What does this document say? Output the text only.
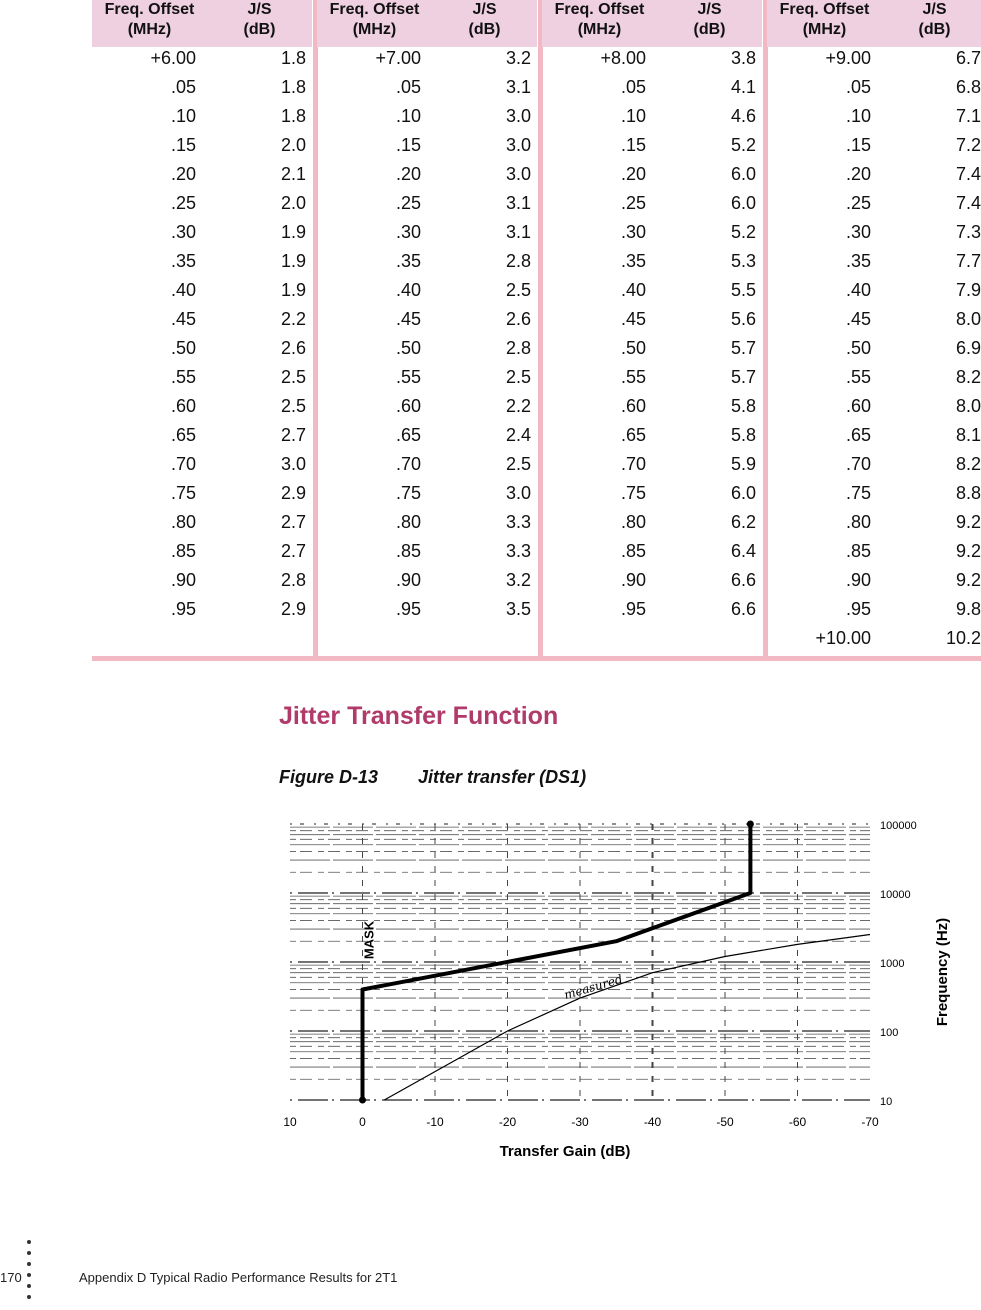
Freq. Offset
(MHz)
J/S
(dB)
+6.00	1.8
.05	1.8
.10	1.8
.15	2.0
.20	2.1
.25	2.0
.30	1.9
.35	1.9
.40	1.9
.45	2.2
.50	2.6
.55	2.5
.60	2.5
.65	2.7
.70	3.0
.75	2.9
.80	2.7
.85	2.7
.90	2.8
.95	2.9
Freq. Offset
(MHz)
J/S
(dB)
+7.00	3.2
.05	3.1
.10	3.0
.15	3.0
.20	3.0
.25	3.1
.30	3.1
.35	2.8
.40	2.5
.45	2.6
.50	2.8
.55	2.5
.60	2.2
.65	2.4
.70	2.5
.75	3.0
.80	3.3
.85	3.3
.90	3.2
.95	3.5
Freq. Offset
(MHz)
J/S
(dB)
+8.00	3.8
.05	4.1
.10	4.6
.15	5.2
.20	6.0
.25	6.0
.30	5.2
.35	5.3
.40	5.5
.45	5.6
.50	5.7
.55	5.7
.60	5.8
.65	5.8
.70	5.9
.75	6.0
.80	6.2
.85	6.4
.90	6.6
.95	6.6
Freq. Offset
(MHz)
J/S
(dB)
+9.00	6.7
.05	6.8
.10	7.1
.15	7.2
.20	7.4
.25	7.4
.30	7.3
.35	7.7
.40	7.9
.45	8.0
.50	6.9
.55	8.2
.60	8.0
.65	8.1
.70	8.2
.75	8.8
.80	9.2
.85	9.2
.90	9.2
.95	9.8
+10.00	10.2
Jitter Transfer Function
Figure D-13 Jitter transfer (DS1)
MASK
measured
10	0	-10	-20	-30	-40	-50	-60	-70
100000
10000
1000
100
10
Transfer Gain (dB)
Frequency (Hz)
170	Appendix D Typical Radio Performance Results for 2T1
